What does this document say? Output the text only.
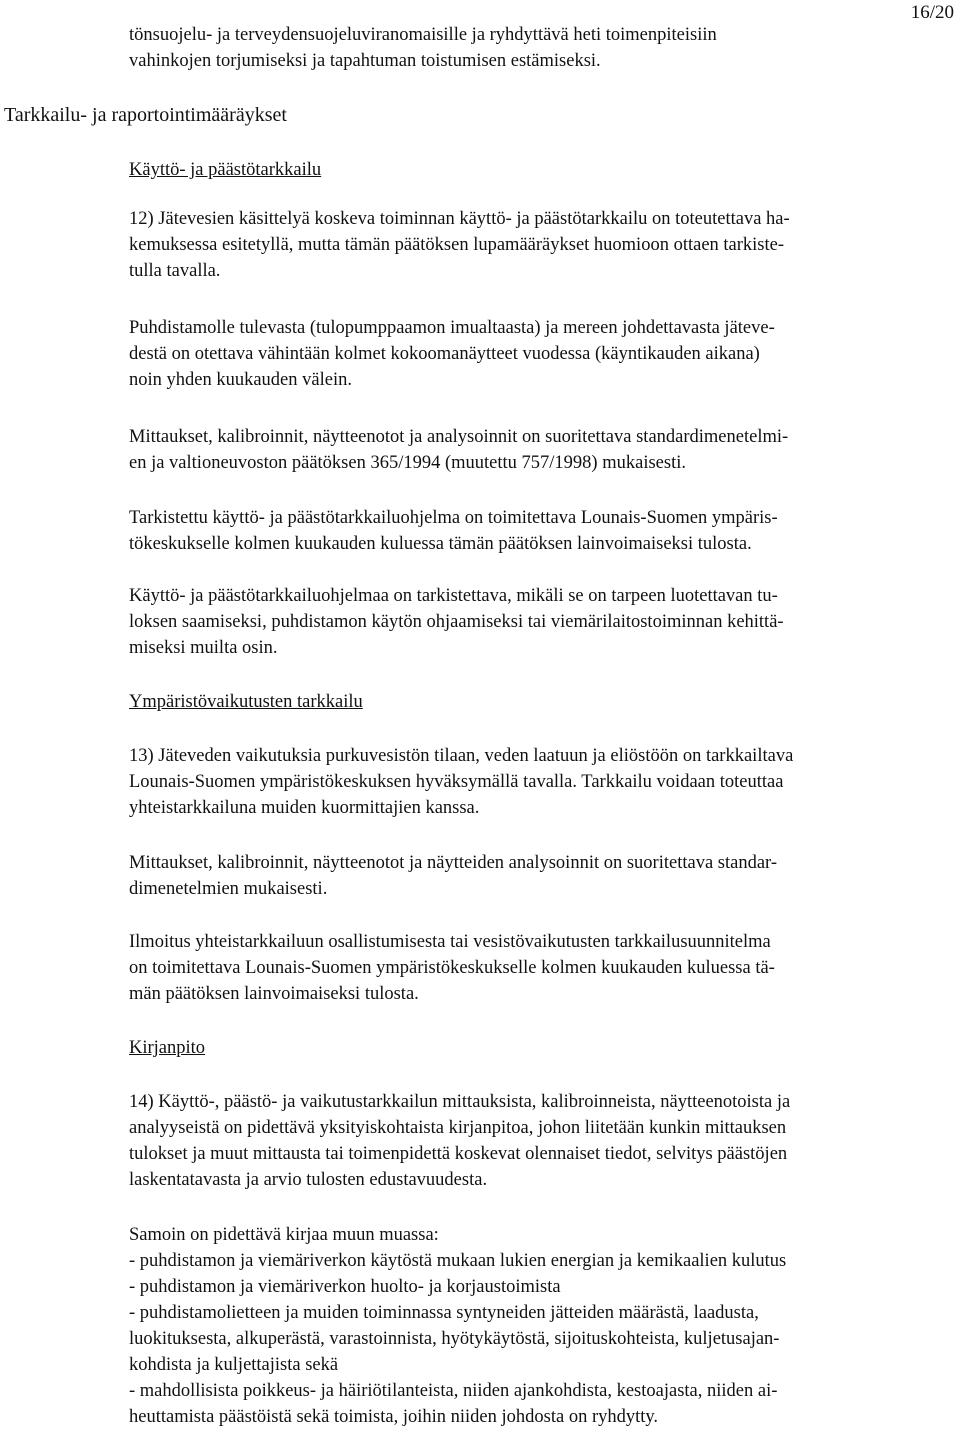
16/20

tönsuojelu- ja terveydensuojeluviranomaisille ja ryhdyttävä heti toimenpiteisiin
vahinkojen torjumiseksi ja tapahtuman toistumisen estämiseksi.

Tarkkailu- ja raportointimääräykset
Käyttö- ja päästötarkkailu

12) Jätevesien käsittelyä koskeva toiminnan käyttö- ja päästötarkkailu on toteutettava ha-
kemuksessa esitetyllä, mutta tämän päätöksen lupamääräykset huomioon ottaen tarkiste-
tulla tavalla.

Puhdistamolle tulevasta (tulopumppaamon imualtaasta) ja mereen johdettavasta jäteve-
destä on otettava vähintään kolmet kokoomanäytteet vuodessa (käyntikauden aikana)
noin yhden kuukauden välein.

Mittaukset, kalibroinnit, näytteenotot ja analysoinnit on suoritettava standardimenetelmi-
en ja valtioneuvoston päätöksen 365/1994 (muutettu 757/1998) mukaisesti.

Tarkistettu käyttö- ja päästötarkkailuohjelma on toimitettava Lounais-Suomen ympäris-
tökeskukselle kolmen kuukauden kuluessa tämän päätöksen lainvoimaiseksi tulosta.

Käyttö- ja päästötarkkailuohjelmaa on tarkistettava, mikäli se on tarpeen luotettavan tu-
loksen saamiseksi, puhdistamon käytön ohjaamiseksi tai viemärilaitostoiminnan kehittä-
miseksi muilta osin.

Ympäristövaikutusten tarkkailu

13) Jäteveden vaikutuksia purkuvesistön tilaan, veden laatuun ja eliöstöön on tarkkailtava
Lounais-Suomen ympäristökeskuksen hyväksymällä tavalla. Tarkkailu voidaan toteuttaa
yhteistarkkailuna muiden kuormittajien kanssa.

Mittaukset, kalibroinnit, näytteenotot ja näytteiden analysoinnit on suoritettava standar-
dimenetelmien mukaisesti.

Ilmoitus yhteistarkkailuun osallistumisesta tai vesistövaikutusten tarkkailusuunnitelma
on toimitettava Lounais-Suomen ympäristökeskukselle kolmen kuukauden kuluessa tä-
män päätöksen lainvoimaiseksi tulosta.

Kirjanpito

14) Käyttö-, päästö- ja vaikutustarkkailun mittauksista, kalibroinneista, näytteenotoista ja
analyyseistä on pidettävä yksityiskohtaista kirjanpitoa, johon liitetään kunkin mittauksen
tulokset ja muut mittausta tai toimenpidettä koskevat olennaiset tiedot, selvitys päästöjen
laskentatavasta ja arvio tulosten edustavuudesta.

Samoin on pidettävä kirjaa muun muassa:
- puhdistamon ja viemäriverkon käytöstä mukaan lukien energian ja kemikaalien kulutus
- puhdistamon ja viemäriverkon huolto- ja korjaustoimista
- puhdistamolietteen ja muiden toiminnassa syntyneiden jätteiden määrästä, laadusta,
luokituksesta, alkuperästä, varastoinnista, hyötykäytöstä, sijoituskohteista, kuljetusajan-
kohdista ja kuljettajista sekä
- mahdollisista poikkeus- ja häiriötilanteista, niiden ajankohdista, kestoajasta, niiden ai-
heuttamista päästöistä sekä toimista, joihin niiden johdosta on ryhdytty.
